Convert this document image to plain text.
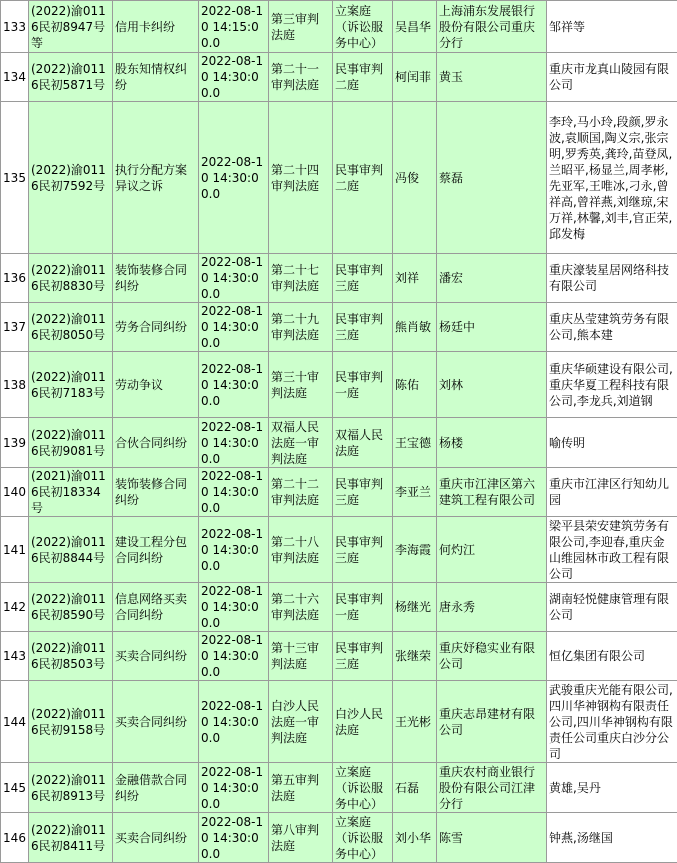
133	(2022)渝0116民初8947号等	信用卡纠纷	2022-08-10 14:15:00.0	第三审判法庭	立案庭（诉讼服务中心）	吴昌华	上海浦东发展银行股份有限公司重庆分行	邹祥等
134	(2022)渝0116民初5871号	股东知情权纠纷	2022-08-10 14:30:00.0	第二十一审判法庭	民事审判二庭	柯闰菲	黄玉	重庆市龙真山陵园有限公司
135	(2022)渝0116民初7592号	执行分配方案异议之诉	2022-08-10 14:30:00.0	第二十四审判法庭	民事审判二庭	冯俊	蔡磊	李玲,马小玲,段颜,罗永波,袁顺国,陶义宗,张宗明,罗秀英,龚玲,苗登凤,兰昭平,杨显兰,周孝彬,先亚军,王唯冰,刁永,曾祥高,曾祥燕,刘继琼,宋万祥,林馨,刘丰,官正荣,邱发梅
136	(2022)渝0116民初8830号	装饰装修合同纠纷	2022-08-10 14:30:00.0	第二十七审判法庭	民事审判三庭	刘祥	潘宏	重庆濠装星居网络科技有限公司
137	(2022)渝0116民初8050号	劳务合同纠纷	2022-08-10 14:30:00.0	第二十九审判法庭	民事审判三庭	熊肖敏	杨廷中	重庆丛莹建筑劳务有限公司,熊本建
138	(2022)渝0116民初7183号	劳动争议	2022-08-10 14:30:00.0	第三十审判法庭	民事审判一庭	陈佑	刘林	重庆华硕建设有限公司,重庆华夏工程科技有限公司,李龙兵,刘道钢
139	(2022)渝0116民初9081号	合伙合同纠纷	2022-08-10 14:30:00.0	双福人民法庭一审判法庭	双福人民法庭	王宝德	杨楼	喻传明
140	(2021)渝0116民初18334号	装饰装修合同纠纷	2022-08-10 14:30:00.0	第二十二审判法庭	民事审判三庭	李亚兰	重庆市江津区第六建筑工程有限公司	重庆市江津区行知幼儿园
141	(2022)渝0116民初8844号	建设工程分包合同纠纷	2022-08-10 14:30:00.0	第二十八审判法庭	民事审判三庭	李海霞	何灼江	梁平县荣安建筑劳务有限公司,李迎春,重庆金山维园林市政工程有限公司
142	(2022)渝0116民初8590号	信息网络买卖合同纠纷	2022-08-10 14:30:00.0	第二十六审判法庭	民事审判一庭	杨继光	唐永秀	湖南轻悦健康管理有限公司
143	(2022)渝0116民初8503号	买卖合同纠纷	2022-08-10 14:30:00.0	第十三审判法庭	民事审判三庭	张继荣	重庆妤稳实业有限公司	恒亿集团有限公司
144	(2022)渝0116民初9158号	买卖合同纠纷	2022-08-10 14:30:00.0	白沙人民法庭一审判法庭	白沙人民法庭	王光彬	重庆志昂建材有限公司	武骏重庆光能有限公司,四川华神钢构有限责任公司,四川华神钢构有限责任公司重庆白沙分公司
145	(2022)渝0116民初8913号	金融借款合同纠纷	2022-08-10 14:30:00.0	第五审判法庭	立案庭（诉讼服务中心）	石磊	重庆农村商业银行股份有限公司江津分行	黄雄,吴丹
146	(2022)渝0116民初8411号	买卖合同纠纷	2022-08-10 14:30:00.0	第八审判法庭	立案庭（诉讼服务中心）	刘小华	陈雪	钟燕,汤继国
